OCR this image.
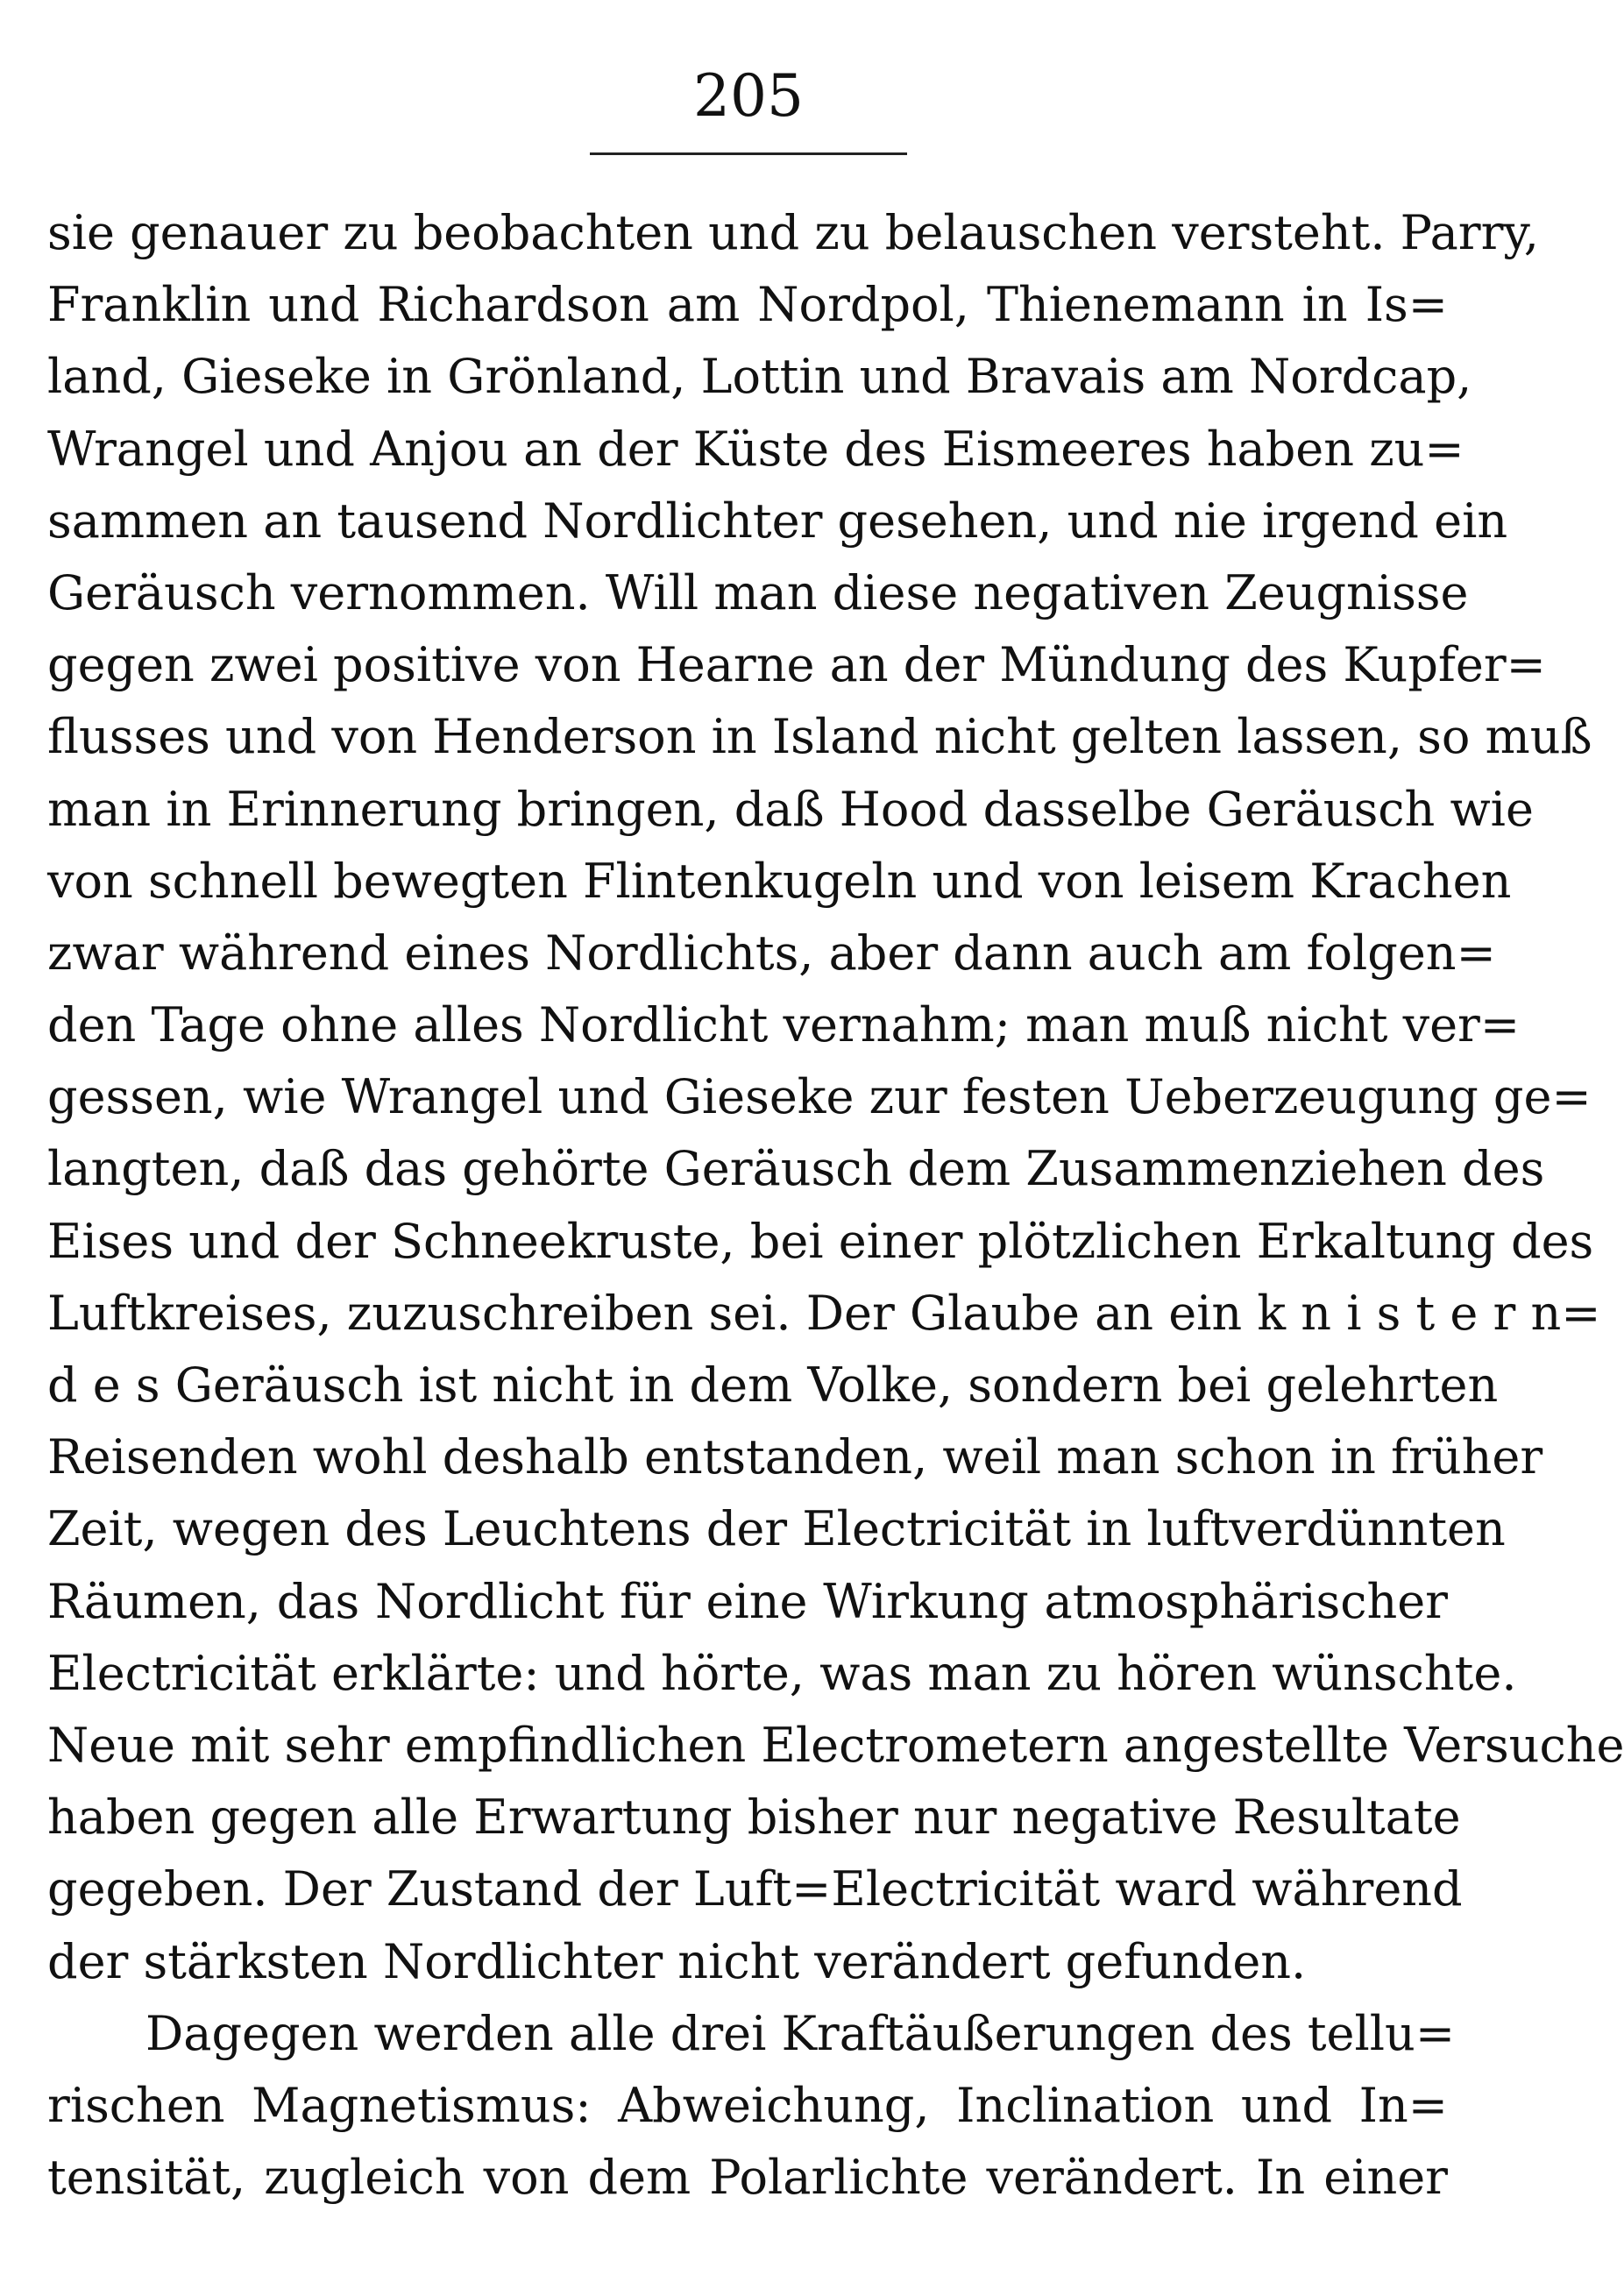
205
sie genauer zu beobachten und zu belauschen versteht. Parry,
Franklin und Richardson am Nordpol, Thienemann in Is=
land, Gieseke in Grönland, Lottin und Bravais am Nordcap,
Wrangel und Anjou an der Küste des Eismeeres haben zu=
sammen an tausend Nordlichter gesehen, und nie irgend ein
Geräusch vernommen. Will man diese negativen Zeugnisse
gegen zwei positive von Hearne an der Mündung des Kupfer=
flusses und von Henderson in Island nicht gelten lassen, so muß
man in Erinnerung bringen, daß Hood dasselbe Geräusch wie
von schnell bewegten Flintenkugeln und von leisem Krachen
zwar während eines Nordlichts, aber dann auch am folgen=
den Tage ohne alles Nordlicht vernahm; man muß nicht ver=
gessen, wie Wrangel und Gieseke zur festen Ueberzeugung ge=
langten, daß das gehörte Geräusch dem Zusammenziehen des
Eises und der Schneekruste, bei einer plötzlichen Erkaltung des
Luftkreises, zuzuschreiben sei. Der Glaube an ein k n i s t e r n=
d e s Geräusch ist nicht in dem Volke, sondern bei gelehrten
Reisenden wohl deshalb entstanden, weil man schon in früher
Zeit, wegen des Leuchtens der Electricität in luftverdünnten
Räumen, das Nordlicht für eine Wirkung atmosphärischer
Electricität erklärte: und hörte, was man zu hören wünschte.
Neue mit sehr empfindlichen Electrometern angestellte Versuche
haben gegen alle Erwartung bisher nur negative Resultate
gegeben. Der Zustand der Luft=Electricität ward während
der stärksten Nordlichter nicht verändert gefunden.
Dagegen werden alle drei Kraftäußerungen des tellu=
rischen Magnetismus: Abweichung, Inclination und In=
tensität, zugleich von dem Polarlichte verändert. In einer
